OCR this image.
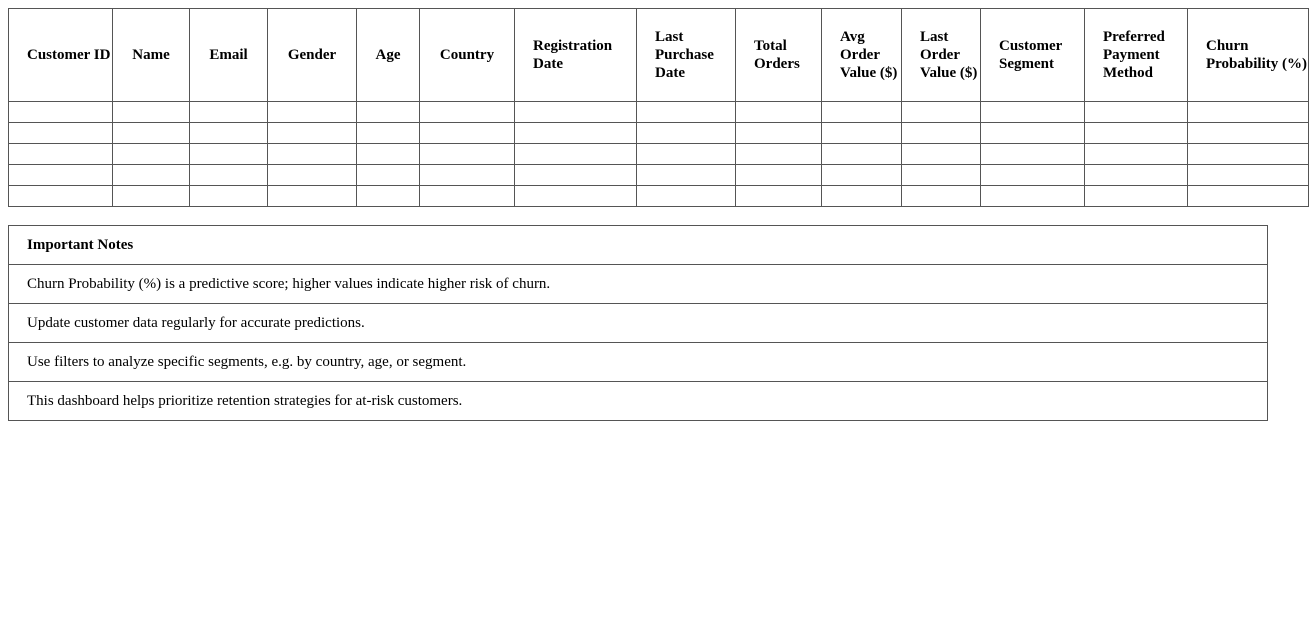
Customer ID	Name	Email	Gender	Age	Country	Registration Date	Last Purchase Date	Total Orders	Avg Order Value ($)	Last Order Value ($)	Customer Segment	Preferred Payment Method	Churn Probability (%)

Important Notes
Churn Probability (%) is a predictive score; higher values indicate higher risk of churn.
Update customer data regularly for accurate predictions.
Use filters to analyze specific segments, e.g. by country, age, or segment.
This dashboard helps prioritize retention strategies for at-risk customers.
